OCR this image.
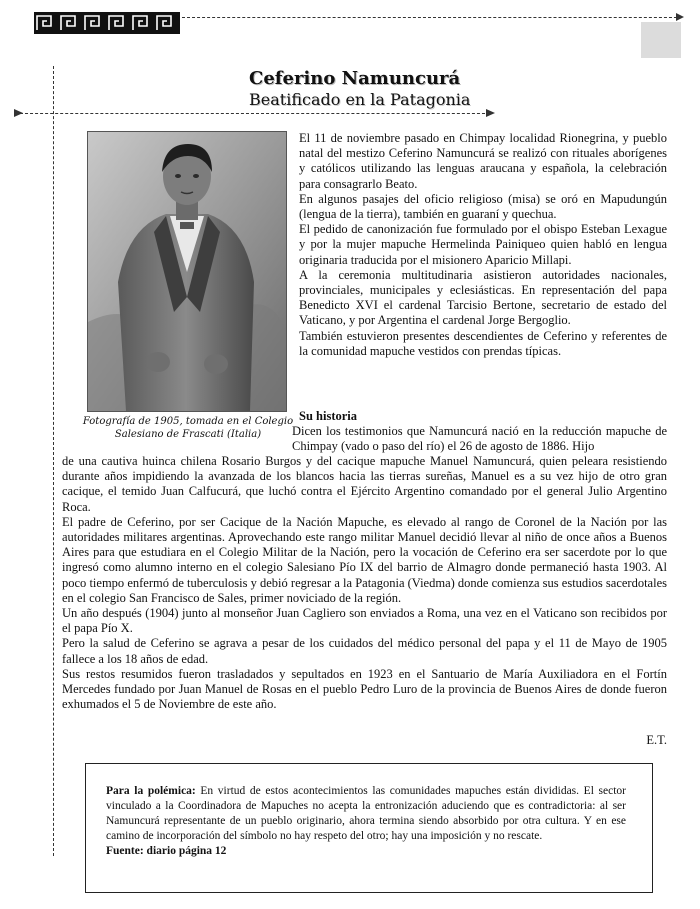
Ceferino Namuncurá
Beatificado en la Patagonia
Fotografía de 1905, tomada en el Colegio Salesiano de Frascati (Italia)

El 11 de noviembre pasado en Chimpay localidad Rionegrina, y pueblo natal del mestizo Ceferino Namuncurá se realizó con rituales aborígenes y católicos utilizando las lenguas araucana y española, la celebración para consagrarlo Beato.

En algunos pasajes del oficio religioso (misa) se oró en Mapudungún (lengua de la tierra), también en guaraní y quechua.

El pedido de canonización fue formulado por el obispo Esteban Lexague y por la mujer mapuche Hermelinda Painiqueo quien habló en lengua originaria traducida por el misionero Aparicio Millapi.

A la ceremonia multitudinaria asistieron autoridades nacionales, provinciales, municipales y eclesiásticas. En representación del papa Benedicto XVI el cardenal Tarcisio Bertone, secretario de estado del Vaticano, y por Argentina el cardenal Jorge Bergoglio.

También estuvieron presentes descendientes de Ceferino y referentes de la comunidad mapuche vestidos con prendas típicas.

Su historia
Dicen los testimonios que Namuncurá nació en la reducción mapuche de Chimpay (vado o paso del río) el 26 de agosto de 1886. Hijo

de una cautiva huinca chilena Rosario Burgos y del cacique mapuche Manuel Namuncurá, quien peleara resistiendo durante años impidiendo la avanzada de los blancos hacia las tierras sureñas, Manuel es a su vez hijo de otro gran cacique, el temido Juan Calfucurá, que luchó contra el Ejército Argentino comandado por el general Julio Argentino Roca.

El padre de Ceferino, por ser Cacique de la Nación Mapuche, es elevado al rango de Coronel de la Nación por las autoridades militares argentinas. Aprovechando este rango militar Manuel decidió llevar al niño de once años a Buenos Aires para que estudiara en el Colegio Militar de la Nación, pero la vocación de Ceferino era ser sacerdote por lo que ingresó como alumno interno en el colegio Salesiano Pío IX del barrio de Almagro donde permaneció hasta 1903. Al poco tiempo enfermó de tuberculosis y debió regresar a la Patagonia (Viedma) donde comienza sus estudios sacerdotales en el colegio San Francisco de Sales, primer noviciado de la región.

Un año después (1904) junto al monseñor Juan Cagliero son enviados a Roma, una vez en el Vaticano son recibidos por el papa Pío X.

Pero la salud de Ceferino se agrava a pesar de los cuidados del médico personal del papa y el 11 de Mayo de 1905 fallece a los 18 años de edad.

Sus restos resumidos fueron trasladados y sepultados en 1923 en el Santuario de María Auxiliadora en el Fortín Mercedes fundado por Juan Manuel de Rosas en el pueblo Pedro Luro de la provincia de Buenos Aires de donde fueron exhumados el 5 de Noviembre de este año.

E.T.
Para la polémica: En virtud de estos acontecimientos las comunidades mapuches están divididas. El sector vinculado a la Coordinadora de Mapuches no acepta la entronización aduciendo que es contradictoria: al ser Namuncurá representante de un pueblo originario, ahora termina siendo absorbido por otra cultura. Y en ese camino de incorporación del símbolo no hay respeto del otro; hay una imposición y no rescate.
Fuente: diario página 12
